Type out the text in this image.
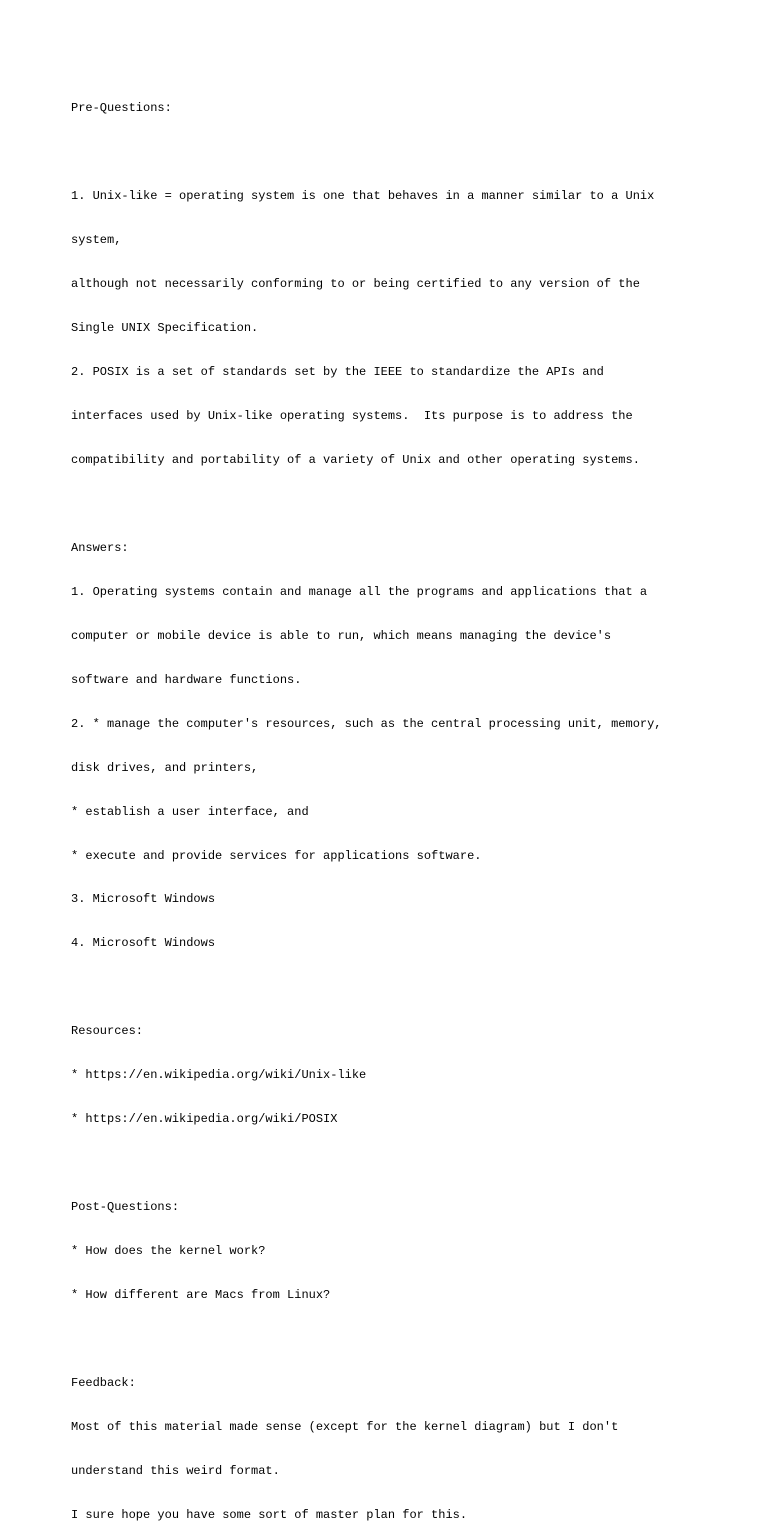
Pre-Questions:

1. Unix-like = operating system is one that behaves in a manner similar to a Unix

system,

although not necessarily conforming to or being certified to any version of the

Single UNIX Specification.

2. POSIX is a set of standards set by the IEEE to standardize the APIs and

interfaces used by Unix-like operating systems.  Its purpose is to address the

compatibility and portability of a variety of Unix and other operating systems.

Answers:

1. Operating systems contain and manage all the programs and applications that a

computer or mobile device is able to run, which means managing the device's

software and hardware functions.

2. * manage the computer's resources, such as the central processing unit, memory,

disk drives, and printers,

* establish a user interface, and

* execute and provide services for applications software.

3. Microsoft Windows

4. Microsoft Windows

Resources:

* https://en.wikipedia.org/wiki/Unix-like

* https://en.wikipedia.org/wiki/POSIX

Post-Questions:

* How does the kernel work?

* How different are Macs from Linux?

Feedback:

Most of this material made sense (except for the kernel diagram) but I don't

understand this weird format.

I sure hope you have some sort of master plan for this.
